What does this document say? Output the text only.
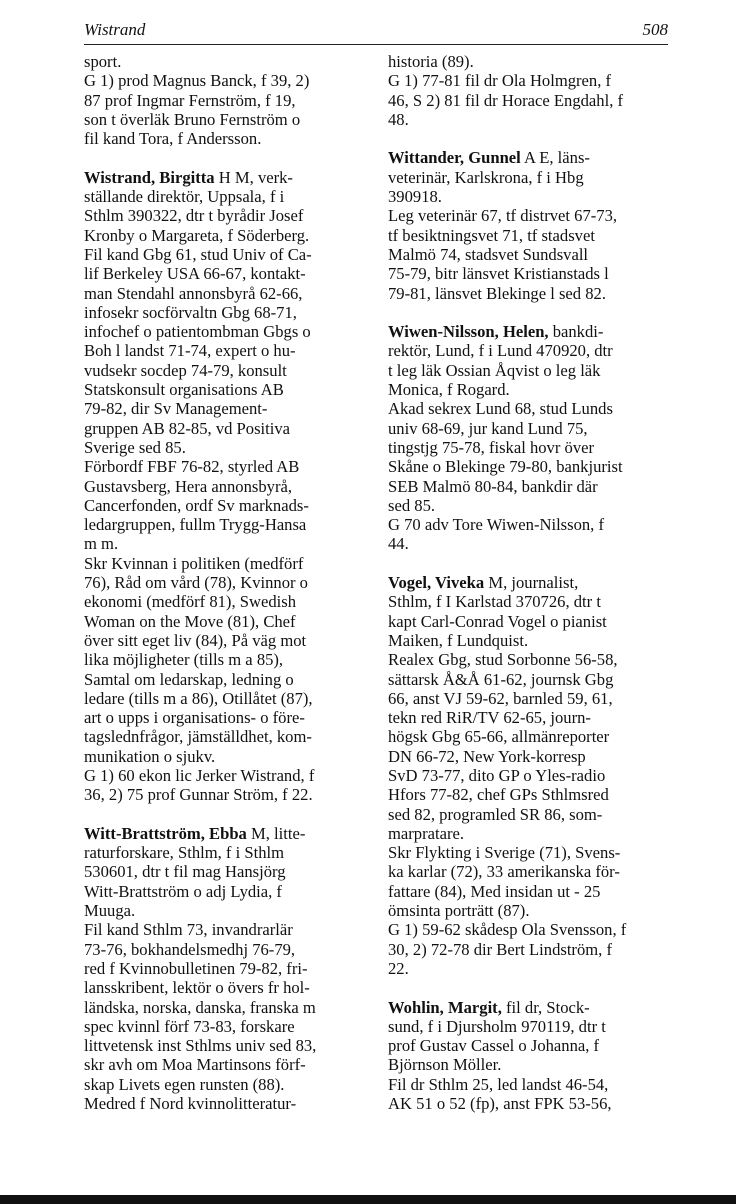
Wistrand	508

sport.
G 1) prod Magnus Banck, f 39, 2)
87 prof Ingmar Fernström, f 19,
son t överläk Bruno Fernström o
fil kand Tora, f Andersson.

Wistrand, Birgitta H M, verk-
ställande direktör, Uppsala, f i
Sthlm 390322, dtr t byrådir Josef
Kronby o Margareta, f Söderberg.
Fil kand Gbg 61, stud Univ of Ca-
lif Berkeley USA 66-67, kontakt-
man Stendahl annonsbyrå 62-66,
infosekr socförvaltn Gbg 68-71,
infochef o patientombman Gbgs o
Boh l landst 71-74, expert o hu-
vudsekr socdep 74-79, konsult
Statskonsult organisations AB
79-82, dir Sv Management-
gruppen AB 82-85, vd Positiva
Sverige sed 85.
Förbordf FBF 76-82, styrled AB
Gustavsberg, Hera annonsbyrå,
Cancerfonden, ordf Sv marknads-
ledargruppen, fullm Trygg-Hansa
m m.
Skr Kvinnan i politiken (medförf
76), Råd om vård (78), Kvinnor o
ekonomi (medförf 81), Swedish
Woman on the Move (81), Chef
över sitt eget liv (84), På väg mot
lika möjligheter (tills m a 85),
Samtal om ledarskap, ledning o
ledare (tills m a 86), Otillåtet (87),
art o upps i organisations- o före-
tagslednfrågor, jämställdhet, kom-
munikation o sjukv.
G 1) 60 ekon lic Jerker Wistrand, f
36, 2) 75 prof Gunnar Ström, f 22.

Witt-Brattström, Ebba M, litte-
raturforskare, Sthlm, f i Sthlm
530601, dtr t fil mag Hansjörg
Witt-Brattström o adj Lydia, f
Muuga.
Fil kand Sthlm 73, invandrarlär
73-76, bokhandelsmedhj 76-79,
red f Kvinnobulletinen 79-82, fri-
lansskribent, lektör o övers fr hol-
ländska, norska, danska, franska m
spec kvinnl förf 73-83, forskare
littvetensk inst Sthlms univ sed 83,
skr avh om Moa Martinsons förf-
skap Livets egen runsten (88).
Medred f Nord kvinnolitteratur-

historia (89).
G 1) 77-81 fil dr Ola Holmgren, f
46, S 2) 81 fil dr Horace Engdahl, f
48.

Wittander, Gunnel A E, läns-
veterinär, Karlskrona, f i Hbg
390918.
Leg veterinär 67, tf distrvet 67-73,
tf besiktningsvet 71, tf stadsvet
Malmö 74, stadsvet Sundsvall
75-79, bitr länsvet Kristianstads l
79-81, länsvet Blekinge l sed 82.

Wiwen-Nilsson, Helen, bankdi-
rektör, Lund, f i Lund 470920, dtr
t leg läk Ossian Åqvist o leg läk
Monica, f Rogard.
Akad sekrex Lund 68, stud Lunds
univ 68-69, jur kand Lund 75,
tingstjg 75-78, fiskal hovr över
Skåne o Blekinge 79-80, bankjurist
SEB Malmö 80-84, bankdir där
sed 85.
G 70 adv Tore Wiwen-Nilsson, f
44.

Vogel, Viveka M, journalist,
Sthlm, f I Karlstad 370726, dtr t
kapt Carl-Conrad Vogel o pianist
Maiken, f Lundquist.
Realex Gbg, stud Sorbonne 56-58,
sättarsk Å&Å 61-62, journsk Gbg
66, anst VJ 59-62, barnled 59, 61,
tekn red RiR/TV 62-65, journ-
högsk Gbg 65-66, allmänreporter
DN 66-72, New York-korresp
SvD 73-77, dito GP o Yles-radio
Hfors 77-82, chef GPs Sthlmsred
sed 82, programled SR 86, som-
marpratare.
Skr Flykting i Sverige (71), Svens-
ka karlar (72), 33 amerikanska för-
fattare (84), Med insidan ut - 25
ömsinta porträtt (87).
G 1) 59-62 skådesp Ola Svensson, f
30, 2) 72-78 dir Bert Lindström, f
22.

Wohlin, Margit, fil dr, Stock-
sund, f i Djursholm 970119, dtr t
prof Gustav Cassel o Johanna, f
Björnson Möller.
Fil dr Sthlm 25, led landst 46-54,
AK 51 o 52 (fp), anst FPK 53-56,
